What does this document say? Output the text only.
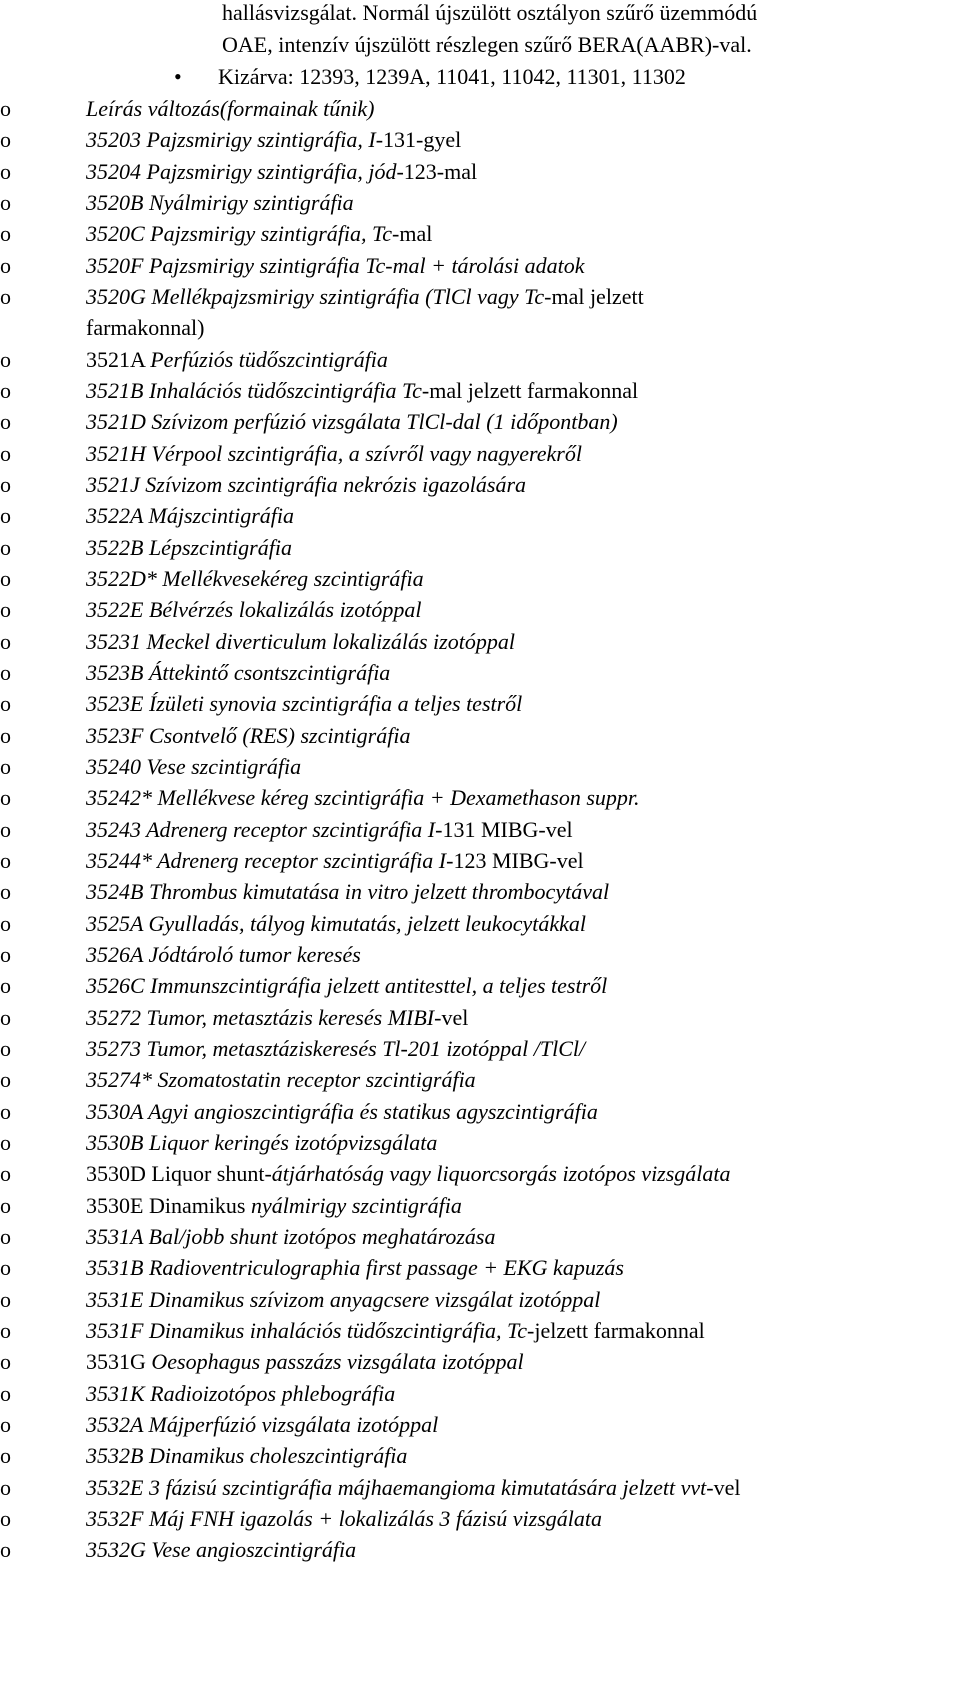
hallásvizsgálat. Normál újszülött osztályon szűrő üzemmódú
OAE, intenzív újszülött részlegen szűrő BERA(AABR)-val.
• Kizárva: 12393, 1239A, 11041, 11042, 11301, 11302
o	Leírás változás(formainak tűnik)
o	35203 Pajzsmirigy szintigráfia, I-131-gyel
o	35204 Pajzsmirigy szintigráfia, jód-123-mal
o	3520B Nyálmirigy szintigráfia
o	3520C Pajzsmirigy szintigráfia, Tc-mal
o	3520F Pajzsmirigy szintigráfia Tc-mal + tárolási adatok
o	3520G Mellékpajzsmirigy szintigráfia (TlCl vagy Tc-mal jelzett
farmakonnal)
o	3521A Perfúziós tüdőszcintigráfia
o	3521B Inhalációs tüdőszcintigráfia Tc-mal jelzett farmakonnal
o	3521D Szívizom perfúzió vizsgálata TlCl-dal (1 időpontban)
o	3521H Vérpool szcintigráfia, a szívről vagy nagyerekről
o	3521J Szívizom szcintigráfia nekrózis igazolására
o	3522A Májszcintigráfia
o	3522B Lépszcintigráfia
o	3522D* Mellékvesekéreg szcintigráfia
o	3522E Bélvérzés lokalizálás izotóppal
o	35231 Meckel diverticulum lokalizálás izotóppal
o	3523B Áttekintő csontszcintigráfia
o	3523E Ízületi synovia szcintigráfia a teljes testről
o	3523F Csontvelő (RES) szcintigráfia
o	35240 Vese szcintigráfia
o	35242* Mellékvese kéreg szcintigráfia + Dexamethason suppr.
o	35243 Adrenerg receptor szcintigráfia I-131 MIBG-vel
o	35244* Adrenerg receptor szcintigráfia I-123 MIBG-vel
o	3524B Thrombus kimutatása in vitro jelzett thrombocytával
o	3525A Gyulladás, tályog kimutatás, jelzett leukocytákkal
o	3526A Jódtároló tumor keresés
o	3526C Immunszcintigráfia jelzett antitesttel, a teljes testről
o	35272 Tumor, metasztázis keresés MIBI-vel
o	35273 Tumor, metasztáziskeresés Tl-201 izotóppal /TlCl/
o	35274* Szomatostatin receptor szcintigráfia
o	3530A Agyi angioszcintigráfia és statikus agyszcintigráfia
o	3530B Liquor keringés izotópvizsgálata
o	3530D Liquor shunt-átjárhatóság vagy liquorcsorgás izotópos vizsgálata
o	3530E Dinamikus nyálmirigy szcintigráfia
o	3531A Bal/jobb shunt izotópos meghatározása
o	3531B Radioventriculographia first passage + EKG kapuzás
o	3531E Dinamikus szívizom anyagcsere vizsgálat izotóppal
o	3531F Dinamikus inhalációs tüdőszcintigráfia, Tc-jelzett farmakonnal
o	3531G Oesophagus passzázs vizsgálata izotóppal
o	3531K Radioizotópos phlebográfia
o	3532A Májperfúzió vizsgálata izotóppal
o	3532B Dinamikus choleszcintigráfia
o	3532E 3 fázisú szcintigráfia májhaemangioma kimutatására jelzett vvt-vel
o	3532F Máj FNH igazolás + lokalizálás 3 fázisú vizsgálata
o	3532G Vese angioszcintigráfia
